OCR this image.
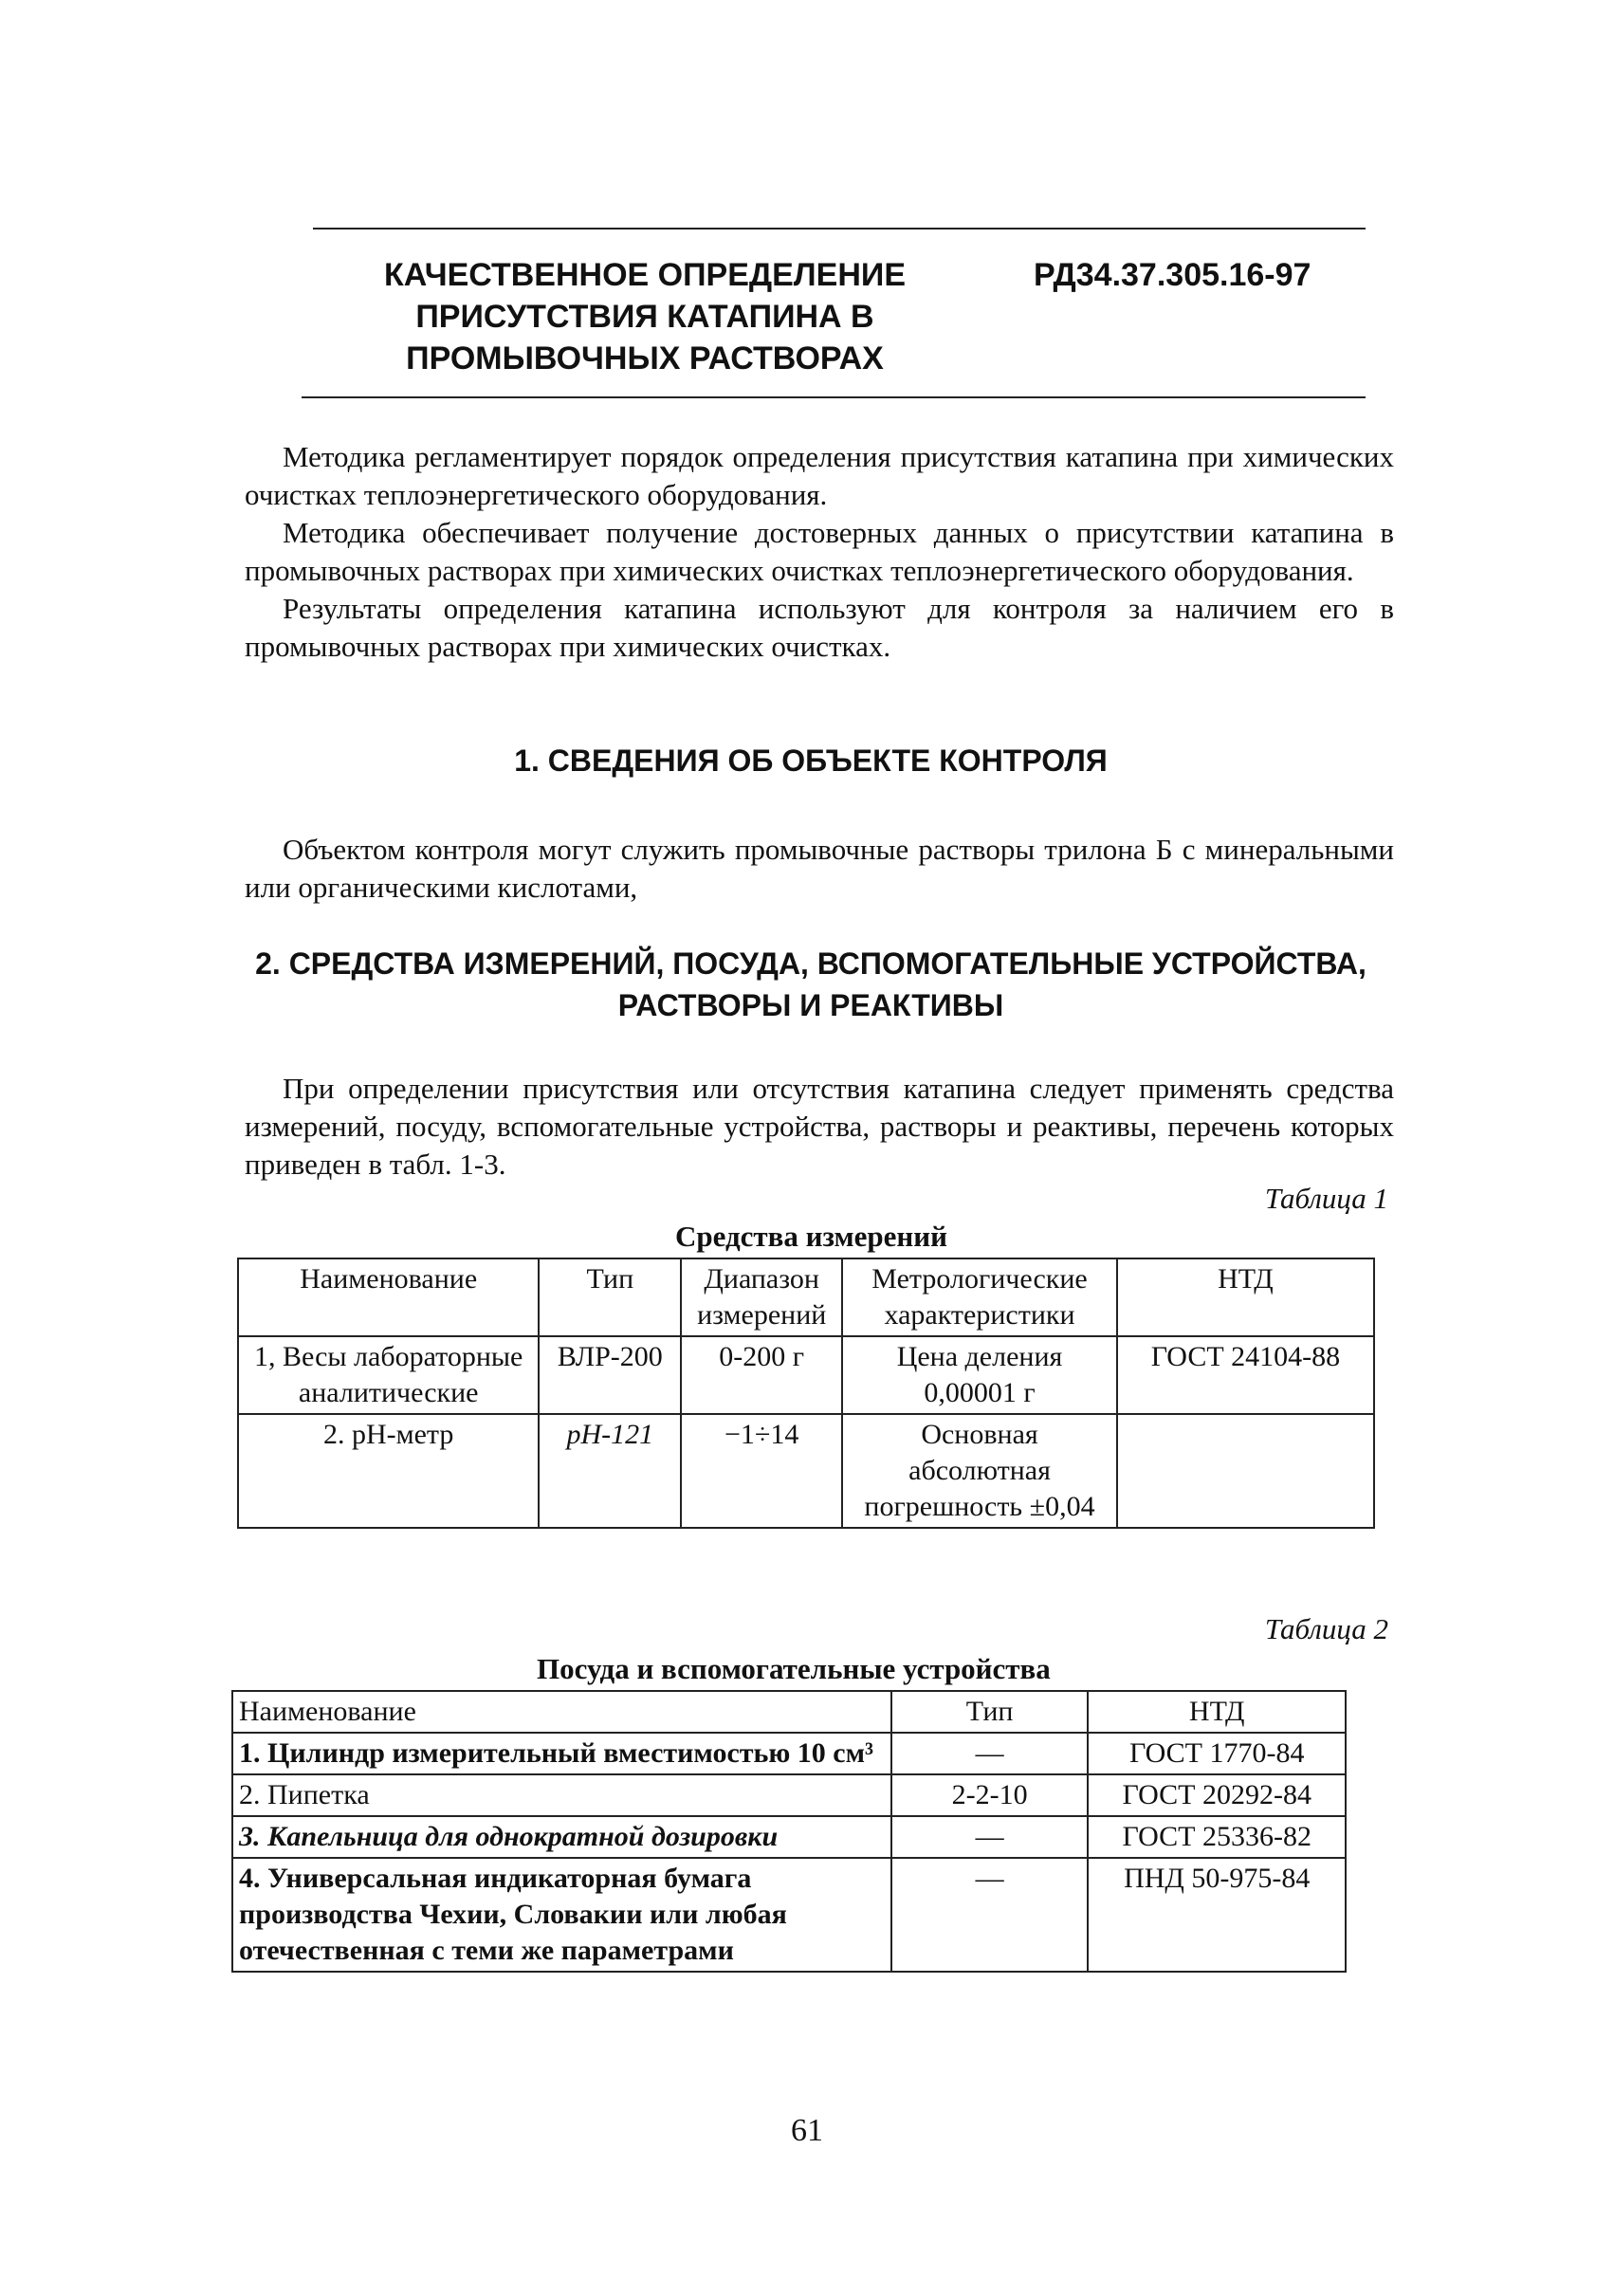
КАЧЕСТВЕННОЕ ОПРЕДЕЛЕНИЕ
ПРИСУТСТВИЯ КАТАПИНА В
ПРОМЫВОЧНЫХ РАСТВОРАХ
РД34.37.305.16-97

Методика регламентирует порядок определения присутствия катапина при химических очистках теплоэнергетического оборудования.

Методика обеспечивает получение достоверных данных о присутствии катапина в промывочных растворах при химических очистках теплоэнергетического оборудования.

Результаты определения катапина используют для контроля за наличием его в промывочных растворах при химических очистках.

1. СВЕДЕНИЯ ОБ ОБЪЕКТЕ КОНТРОЛЯ

Объектом контроля могут служить промывочные растворы трилона Б с минеральными или органическими кислотами,

2. СРЕДСТВА ИЗМЕРЕНИЙ, ПОСУДА, ВСПОМОГАТЕЛЬНЫЕ УСТРОЙСТВА,
РАСТВОРЫ И РЕАКТИВЫ

При определении присутствия или отсутствия катапина следует применять средства измерений, посуду, вспомогательные устройства, растворы и реактивы, перечень которых приведен в табл. 1-3.

Таблица 1
Средства измерений
Наименование	Тип	Диапазон измерений	Метрологические характеристики	НТД
1, Весы лабораторные аналитические	ВЛР-200	0-200 г	Цена деления 0,00001 г	ГОСТ 24104-88
2. pH-метр	pH-121	−1÷14	Основная абсолютная погрешность ±0,04	
Таблица 2
Посуда и вспомогательные устройства
Наименование	Тип	НТД
1. Цилиндр измерительный вместимостью 10 см³	—	ГОСТ 1770-84
2. Пипетка	2-2-10	ГОСТ 20292-84
3. Капельница для однократной дозировки	—	ГОСТ 25336-82
4. Универсальная индикаторная бумага производства Чехии, Словакии или любая отечественная с теми же параметрами	—	ПНД 50-975-84
61
